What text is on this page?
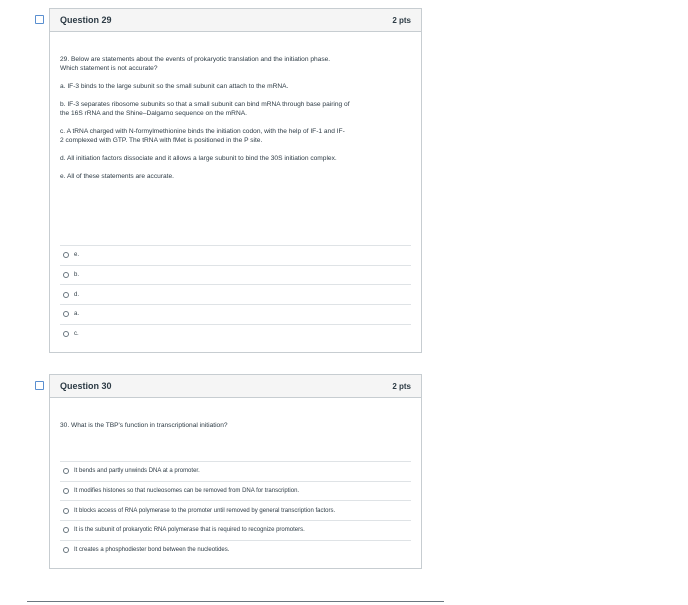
Question 29	2 pts

29. Below are statements about the events of prokaryotic translation and the initiation phase.

Which statement is not accurate?

a. IF-3 binds to the large subunit so the small subunit can attach to the mRNA.

b. IF-3 separates ribosome subunits so that a small subunit can bind mRNA through base pairing of

the 16S rRNA and the Shine–Dalgarno sequence on the mRNA.

c. A tRNA charged with N-formylmethionine binds the initiation codon, with the help of IF-1 and IF-

2 complexed with GTP. The tRNA with fMet is positioned in the P site.

d. All initiation factors dissociate and it allows a large subunit to bind the 30S initiation complex.

e. All of these statements are accurate.

e.
b.
d.
a.
c.
Question 30	2 pts

30. What is the TBP's function in transcriptional initiation?

It bends and partly unwinds DNA at a promoter.
It modifies histones so that nucleosomes can be removed from DNA for transcription.
It blocks access of RNA polymerase to the promoter until removed by general transcription factors.
It is the subunit of prokaryotic RNA polymerase that is required to recognize promoters.
It creates a phosphodiester bond between the nucleotides.
